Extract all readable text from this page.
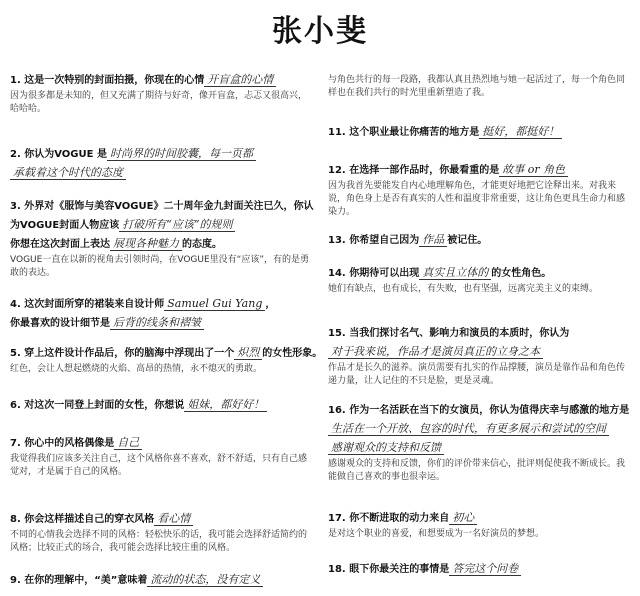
张小斐
1. 这是一次特别的封面拍摄，你现在的心情 开盲盒的心情
因为很多都是未知的，但又充满了期待与好奇，像开盲盒，忐忑又很高兴，哈哈哈。
2. 你认为VOGUE 是 时尚界的时间胶囊，每一页都
承载着这个时代的态度
3. 外界对《服饰与美容VOGUE》二十周年金九封面关注已久，你认
为VOGUE封面人物应该 打破所有“应该”的规则
你想在这次封面上表达 展现各种魅力 的态度。
VOGUE一直在以新的视角去引领时尚，在VOGUE里没有“应该”，有的是勇敢的表达。
4. 这次封面所穿的裙装来自设计师 Samuel Gui Yang ，
你最喜欢的设计细节是 后背的线条和褶皱
5. 穿上这件设计作品后，你的脑海中浮现出了一个 炽烈 的女性形象。
红色，会让人想起燃烧的火焰、高昂的热情，永不熄灭的勇敢。
6. 对这次一同登上封面的女性，你想说 姐妹，都好好！
7. 你心中的风格偶像是 自己
我觉得我们应该多关注自己，这个风格你喜不喜欢，舒不舒适，只有自己感觉对，才是属于自己的风格。
8. 你会这样描述自己的穿衣风格 看心情
不同的心情我会选择不同的风格：轻松快乐的话，我可能会选择舒适简约的风格；比较正式的场合，我可能会选择比较庄重的风格。
9. 在你的理解中，“美”意味着 流动的状态，没有定义
与角色共行的每一段路，我都认真且热烈地与她一起活过了，每一个角色同样也在我们共行的时光里重新塑造了我。
11. 这个职业最让你痛苦的地方是 挺好，都挺好！
12. 在选择一部作品时，你最看重的是 故事 or 角色
因为我首先要能发自内心地理解角色，才能更好地把它诠释出来。对我来说，角色身上是否有真实的人性和温度非常重要，这让角色更具生命力和感染力。
13. 你希望自己因为 作品 被记住。
14. 你期待可以出现 真实且立体的 的女性角色。
她们有缺点，也有成长，有失败，也有坚强，远离完美主义的束缚。
15. 当我们探讨名气、影响力和演员的本质时，你认为
对于我来说，作品才是演员真正的立身之本
作品才是长久的滋养。演员需要有扎实的作品撑腰，演员是靠作品和角色传递力量，让人记住的不只是脸，更是灵魂。
16. 作为一名活跃在当下的女演员，你认为值得庆幸与感激的地方是
生活在一个开放、包容的时代，有更多展示和尝试的空间
感谢观众的支持和反馈
感谢观众的支持和反馈，你们的评价带来信心，批评则促使我不断成长。我能做自己喜欢的事也很幸运。
17. 你不断进取的动力来自 初心
是对这个职业的喜爱，和想要成为一名好演员的梦想。
18. 眼下你最关注的事情是 答完这个问卷
